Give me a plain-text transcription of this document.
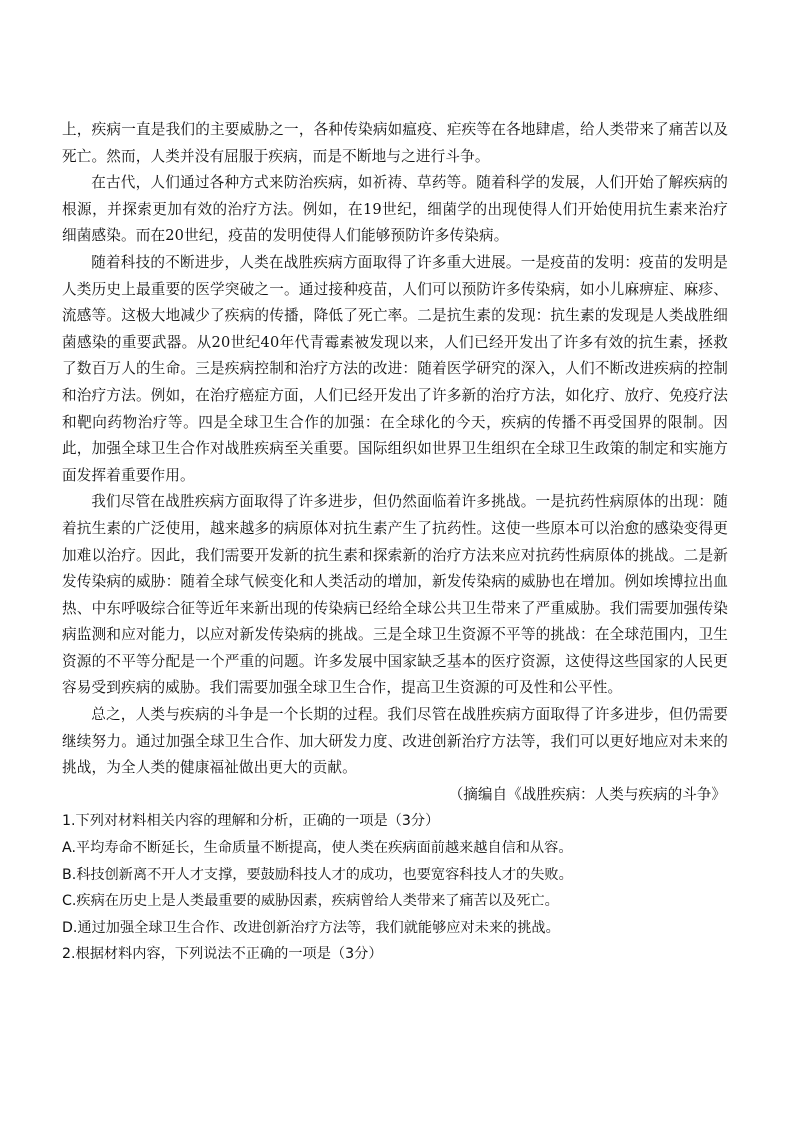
上，疾病一直是我们的主要威胁之一，各种传染病如瘟疫、疟疾等在各地肆虐，给人类带来了痛苦以及死亡。然而，人类并没有屈服于疾病，而是不断地与之进行斗争。

在古代，人们通过各种方式来防治疾病，如祈祷、草药等。随着科学的发展，人们开始了解疾病的根源，并探索更加有效的治疗方法。例如，在19世纪，细菌学的出现使得人们开始使用抗生素来治疗细菌感染。而在20世纪，疫苗的发明使得人们能够预防许多传染病。

随着科技的不断进步，人类在战胜疾病方面取得了许多重大进展。一是疫苗的发明：疫苗的发明是人类历史上最重要的医学突破之一。通过接种疫苗，人们可以预防许多传染病，如小儿麻痹症、麻疹、流感等。这极大地减少了疾病的传播，降低了死亡率。二是抗生素的发现：抗生素的发现是人类战胜细菌感染的重要武器。从20世纪40年代青霉素被发现以来，人们已经开发出了许多有效的抗生素，拯救了数百万人的生命。三是疾病控制和治疗方法的改进：随着医学研究的深入，人们不断改进疾病的控制和治疗方法。例如，在治疗癌症方面，人们已经开发出了许多新的治疗方法，如化疗、放疗、免疫疗法和靶向药物治疗等。四是全球卫生合作的加强：在全球化的今天，疾病的传播不再受国界的限制。因此，加强全球卫生合作对战胜疾病至关重要。国际组织如世界卫生组织在全球卫生政策的制定和实施方面发挥着重要作用。

我们尽管在战胜疾病方面取得了许多进步，但仍然面临着许多挑战。一是抗药性病原体的出现：随着抗生素的广泛使用，越来越多的病原体对抗生素产生了抗药性。这使一些原本可以治愈的感染变得更加难以治疗。因此，我们需要开发新的抗生素和探索新的治疗方法来应对抗药性病原体的挑战。二是新发传染病的威胁：随着全球气候变化和人类活动的增加，新发传染病的威胁也在增加。例如埃博拉出血热、中东呼吸综合征等近年来新出现的传染病已经给全球公共卫生带来了严重威胁。我们需要加强传染病监测和应对能力，以应对新发传染病的挑战。三是全球卫生资源不平等的挑战：在全球范围内，卫生资源的不平等分配是一个严重的问题。许多发展中国家缺乏基本的医疗资源，这使得这些国家的人民更容易受到疾病的威胁。我们需要加强全球卫生合作，提高卫生资源的可及性和公平性。

总之，人类与疾病的斗争是一个长期的过程。我们尽管在战胜疾病方面取得了许多进步，但仍需要继续努力。通过加强全球卫生合作、加大研发力度、改进创新治疗方法等，我们可以更好地应对未来的挑战，为全人类的健康福祉做出更大的贡献。

（摘编自《战胜疾病：人类与疾病的斗争》

1.下列对材料相关内容的理解和分析，正确的一项是（3分）

A.平均寿命不断延长，生命质量不断提高，使人类在疾病面前越来越自信和从容。

B.科技创新离不开人才支撑，要鼓励科技人才的成功，也要宽容科技人才的失败。

C.疾病在历史上是人类最重要的威胁因素，疾病曾给人类带来了痛苦以及死亡。

D.通过加强全球卫生合作、改进创新治疗方法等，我们就能够应对未来的挑战。

2.根据材料内容，下列说法不正确的一项是（3分）
